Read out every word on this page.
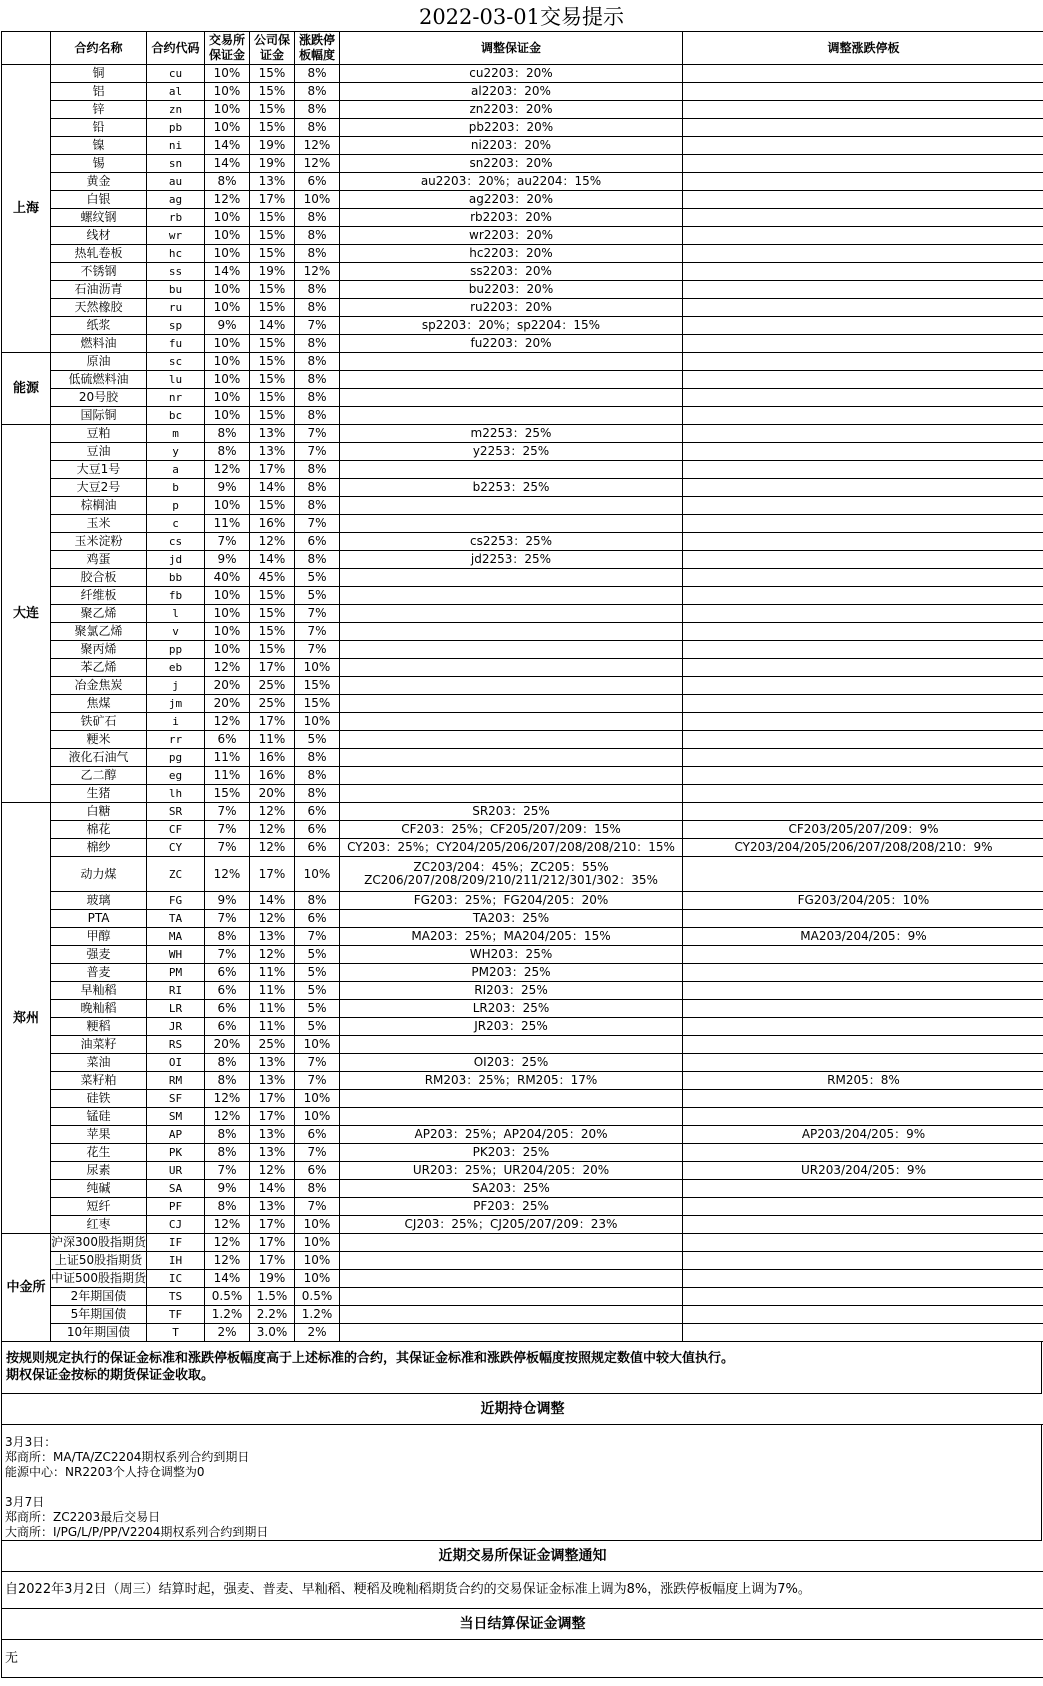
2022-03-01交易提示
	合约名称	合约代码	交易所保证金	公司保证金	涨跌停板幅度	调整保证金	调整涨跌停板
上海	铜	cu	10%	15%	8%	cu2203：20%	
	铝	al	10%	15%	8%	al2203：20%	
	锌	zn	10%	15%	8%	zn2203：20%	
	铅	pb	10%	15%	8%	pb2203：20%	
	镍	ni	14%	19%	12%	ni2203：20%	
	锡	sn	14%	19%	12%	sn2203：20%	
	黄金	au	8%	13%	6%	au2203：20%；au2204：15%	
	白银	ag	12%	17%	10%	ag2203：20%	
	螺纹钢	rb	10%	15%	8%	rb2203：20%	
	线材	wr	10%	15%	8%	wr2203：20%	
	热轧卷板	hc	10%	15%	8%	hc2203：20%	
	不锈钢	ss	14%	19%	12%	ss2203：20%	
	石油沥青	bu	10%	15%	8%	bu2203：20%	
	天然橡胶	ru	10%	15%	8%	ru2203：20%	
	纸浆	sp	9%	14%	7%	sp2203：20%；sp2204：15%	
	燃料油	fu	10%	15%	8%	fu2203：20%	
能源	原油	sc	10%	15%	8%		
	低硫燃料油	lu	10%	15%	8%		
	20号胶	nr	10%	15%	8%		
	国际铜	bc	10%	15%	8%		
大连	豆粕	m	8%	13%	7%	m2253：25%	
	豆油	y	8%	13%	7%	y2253：25%	
	大豆1号	a	12%	17%	8%		
	大豆2号	b	9%	14%	8%	b2253：25%	
	棕榈油	p	10%	15%	8%		
	玉米	c	11%	16%	7%		
	玉米淀粉	cs	7%	12%	6%	cs2253：25%	
	鸡蛋	jd	9%	14%	8%	jd2253：25%	
	胶合板	bb	40%	45%	5%		
	纤维板	fb	10%	15%	5%		
	聚乙烯	l	10%	15%	7%		
	聚氯乙烯	v	10%	15%	7%		
	聚丙烯	pp	10%	15%	7%		
	苯乙烯	eb	12%	17%	10%		
	冶金焦炭	j	20%	25%	15%		
	焦煤	jm	20%	25%	15%		
	铁矿石	i	12%	17%	10%		
	粳米	rr	6%	11%	5%		
	液化石油气	pg	11%	16%	8%		
	乙二醇	eg	11%	16%	8%		
	生猪	lh	15%	20%	8%		
郑州	白糖	SR	7%	12%	6%	SR203：25%	
	棉花	CF	7%	12%	6%	CF203：25%；CF205/207/209：15%	CF203/205/207/209：9%
	棉纱	CY	7%	12%	6%	CY203：25%；CY204/205/206/207/208/208/210：15%	CY203/204/205/206/207/208/208/210：9%
	动力煤	ZC	12%	17%	10%	ZC203/204：45%；ZC205：55%
ZC206/207/208/209/210/211/212/301/302：35%	

	玻璃	FG	9%	14%	8%	FG203：25%；FG204/205：20%	FG203/204/205：10%
	PTA	TA	7%	12%	6%	TA203：25%	
	甲醇	MA	8%	13%	7%	MA203：25%；MA204/205：15%	MA203/204/205：9%
	强麦	WH	7%	12%	5%	WH203：25%	
	普麦	PM	6%	11%	5%	PM203：25%	
	早籼稻	RI	6%	11%	5%	RI203：25%	
	晚籼稻	LR	6%	11%	5%	LR203：25%	
	粳稻	JR	6%	11%	5%	JR203：25%	
	油菜籽	RS	20%	25%	10%		
	菜油	OI	8%	13%	7%	OI203：25%	
	菜籽粕	RM	8%	13%	7%	RM203：25%；RM205：17%	RM205：8%
	硅铁	SF	12%	17%	10%		
	锰硅	SM	12%	17%	10%		
	苹果	AP	8%	13%	6%	AP203：25%；AP204/205：20%	AP203/204/205：9%
	花生	PK	8%	13%	7%	PK203：25%	
	尿素	UR	7%	12%	6%	UR203：25%；UR204/205：20%	UR203/204/205：9%
	纯碱	SA	9%	14%	8%	SA203：25%	
	短纤	PF	8%	13%	7%	PF203：25%	
	红枣	CJ	12%	17%	10%	CJ203：25%；CJ205/207/209：23%	
中金所	沪深300股指期货	IF	12%	17%	10%		
	上证50股指期货	IH	12%	17%	10%		
	中证500股指期货	IC	14%	19%	10%		
	2年期国债	TS	0.5%	1.5%	0.5%		
	5年期国债	TF	1.2%	2.2%	1.2%		
	10年期国债	T	2%	3.0%	2%		
按规则规定执行的保证金标准和涨跌停板幅度高于上述标准的合约，其保证金标准和涨跌停板幅度按照规定数值中较大值执行。
期权保证金按标的期货保证金收取。
近期持仓调整
3月3日：
郑商所：MA/TA/ZC2204期权系列合约到期日
能源中心：NR2203个人持仓调整为0
3月7日
郑商所：ZC2203最后交易日
大商所：I/PG/L/P/PP/V2204期权系列合约到期日
近期交易所保证金调整通知
自2022年3月2日（周三）结算时起，强麦、普麦、早籼稻、粳稻及晚籼稻期货合约的交易保证金标准上调为8%，涨跌停板幅度上调为7%。
当日结算保证金调整
无
